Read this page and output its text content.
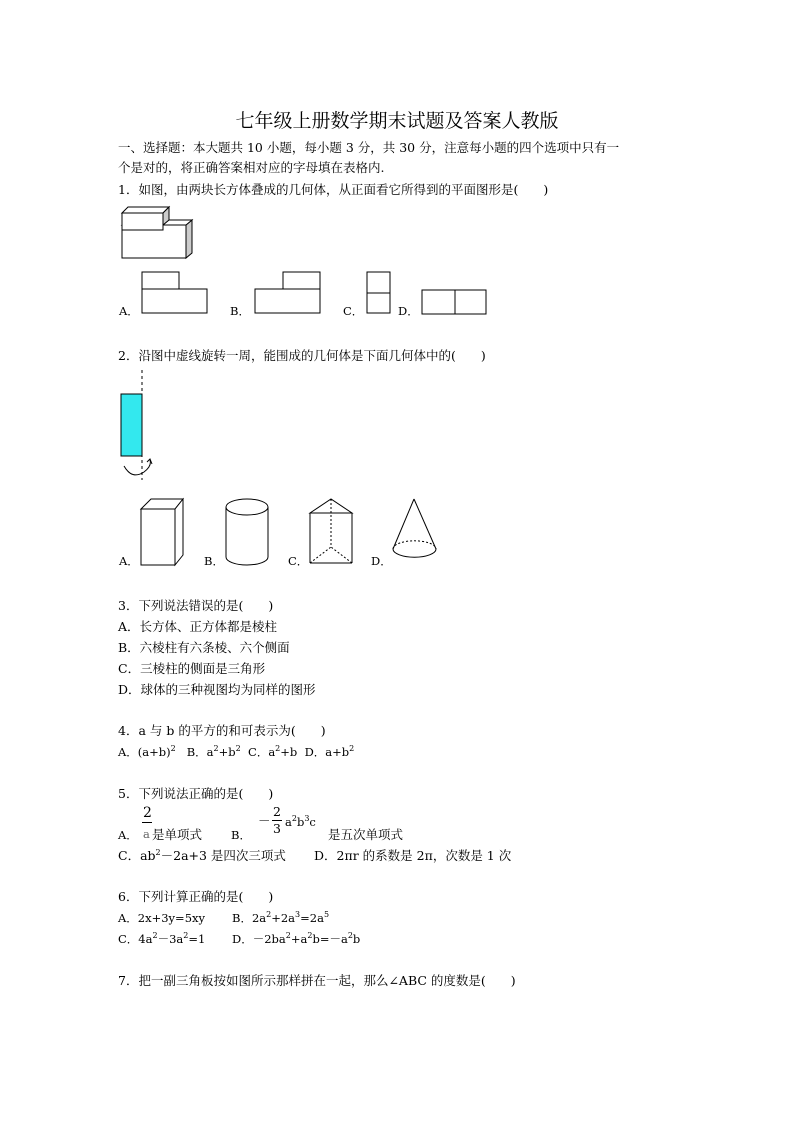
七年级上册数学期末试题及答案人教版
一、选择题：本大题共 10 小题，每小题 3 分，共 30 分，注意每小题的四个选项中只有一
个是对的，将正确答案相对应的字母填在表格内.
1．如图，由两块长方体叠成的几何体，从正面看它所得到的平面图形是(　　)
A．	B．	C．	D．
2．沿图中虚线旋转一周，能围成的几何体是下面几何体中的(　　)
A．	B．	C．	D．
3．下列说法错误的是(　　)
A．长方体、正方体都是棱柱
B．六棱柱有六条棱、六个侧面
C．三棱柱的侧面是三角形
D．球体的三种视图均为同样的图形
4．a 与 b 的平方的和可表示为(　　)
A．$(a+b)^2$ B．$a^2+b^2$ C．$a^2+b$ D．$a+b^2$
5．下列说法正确的是(　　)
A．
2
a 是单项式	B．
－
2
3 $a^2b^3c$
是五次单项式
C．$ab^2-2a+3$ 是四次三项式 D．2πr 的系数是 2π，次数是 1 次
6．下列计算正确的是(　　)
A．2x+3y=5xy B．$2a^2+2a^3=2a^5$
C．$4a^2-3a^2=1$ D．$-2ba^2+a^2b=-a^2b$
7．把一副三角板按如图所示那样拼在一起，那么∠ABC 的度数是(　　)
